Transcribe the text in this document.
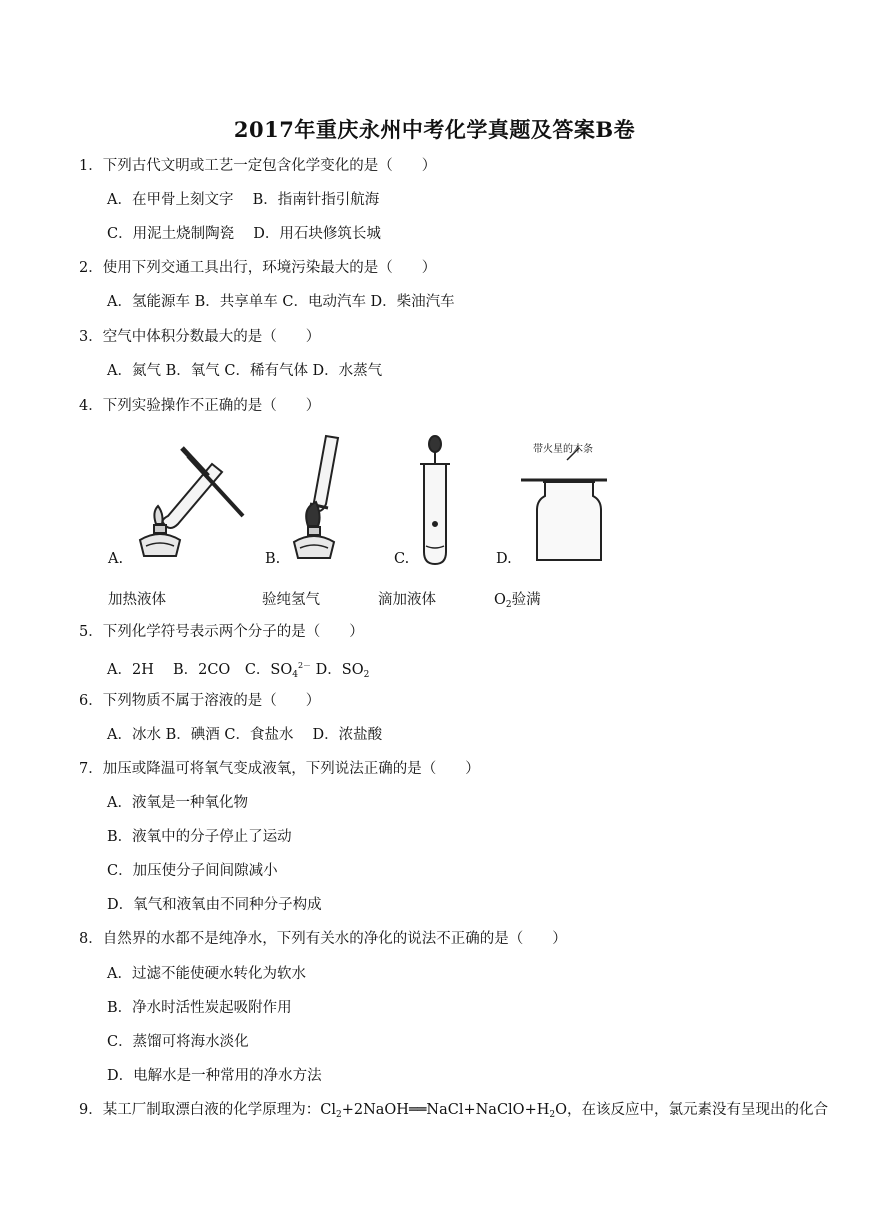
2017年重庆永州中考化学真题及答案B卷
1．下列古代文明或工艺一定包含化学变化的是（　　）
A．在甲骨上刻文字　 B．指南针指引航海
C．用泥土烧制陶瓷　 D．用石块修筑长城
2．使用下列交通工具出行，环境污染最大的是（　　）
A．氢能源车 B．共享单车 C．电动汽车 D．柴油汽车
3．空气中体积分数最大的是（　　）
A．氮气 B．氧气 C．稀有气体 D．水蒸气
4．下列实验操作不正确的是（　　）
带火星的木条
A.	B.	C.	D.
加热液体	验纯氢气	滴加液体	$O_2$验满
5．下列化学符号表示两个分子的是（　　）
A．2H　 B．2CO　C．$SO_4^{2-}$ D．$SO_2$
6．下列物质不属于溶液的是（　　）
A．冰水 B．碘酒 C．食盐水　 D．浓盐酸
7．加压或降温可将氧气变成液氧，下列说法正确的是（　　）
A．液氧是一种氧化物
B．液氧中的分子停止了运动
C．加压使分子间间隙减小
D．氧气和液氧由不同种分子构成
8．自然界的水都不是纯净水，下列有关水的净化的说法不正确的是（　　）
A．过滤不能使硬水转化为软水
B．净水时活性炭起吸附作用
C．蒸馏可将海水淡化
D．电解水是一种常用的净水方法
9．某工厂制取漂白液的化学原理为：$Cl_2+2NaOH══NaCl+NaClO+H_2O$，在该反应中，氯元素没有呈现出的化合
